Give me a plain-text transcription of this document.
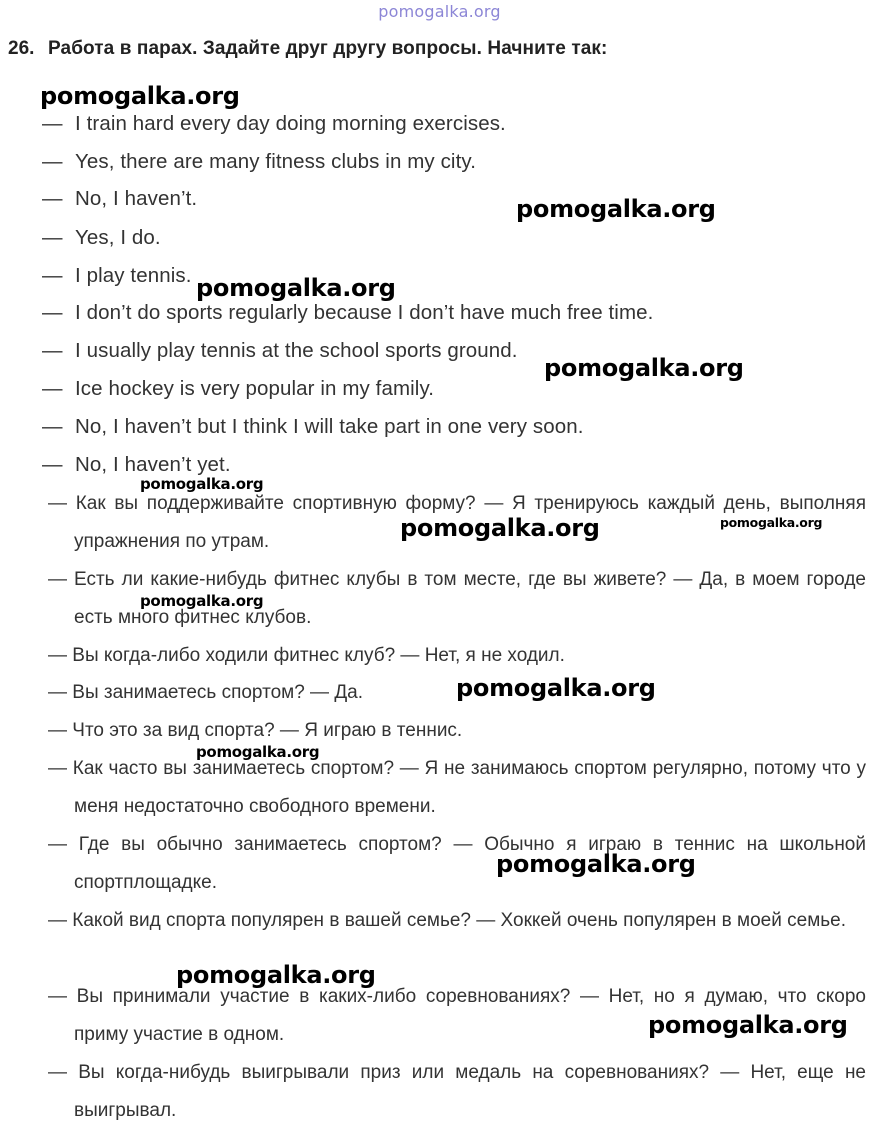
pomogalka.org
26. Работа в парах. Задайте друг другу вопросы. Начните так:
— I train hard every day doing morning exercises.
— Yes, there are many fitness clubs in my city.
— No, I haven’t.
— Yes, I do.
— I play tennis.
— I don’t do sports regularly because I don’t have much free time.
— I usually play tennis at the school sports ground.
— Ice hockey is very popular in my family.
— No, I haven’t but I think I will take part in one very soon.
— No, I haven’t yet.
— Как вы поддерживайте спортивную форму? — Я тренируюсь каждый день, выполняя упражнения по утрам.
— Есть ли какие-нибудь фитнес клубы в том месте, где вы живете? — Да, в моем городе есть много фитнес клубов.
— Вы когда-либо ходили фитнес клуб? — Нет, я не ходил.
— Вы занимаетесь спортом? — Да.
— Что это за вид спорта? — Я играю в теннис.
— Как часто вы занимаетесь спортом? — Я не занимаюсь спортом регулярно, потому что у меня недостаточно свободного времени.
— Где вы обычно занимаетесь спортом? — Обычно я играю в теннис на школьной спортплощадке.
— Какой вид спорта популярен в вашей семье? — Хоккей очень популярен в моей семье.
— Вы принимали участие в каких-либо соревнованиях? — Нет, но я думаю, что скоро приму участие в одном.
— Вы когда-нибудь выигрывали приз или медаль на соревнованиях? — Нет, еще не выигрывал.
pomogalka.org
pomogalka.org
pomogalka.org
pomogalka.org
pomogalka.org
pomogalka.org	pomogalka.org
pomogalka.org
pomogalka.org
pomogalka.org
pomogalka.org
pomogalka.org
pomogalka.org
